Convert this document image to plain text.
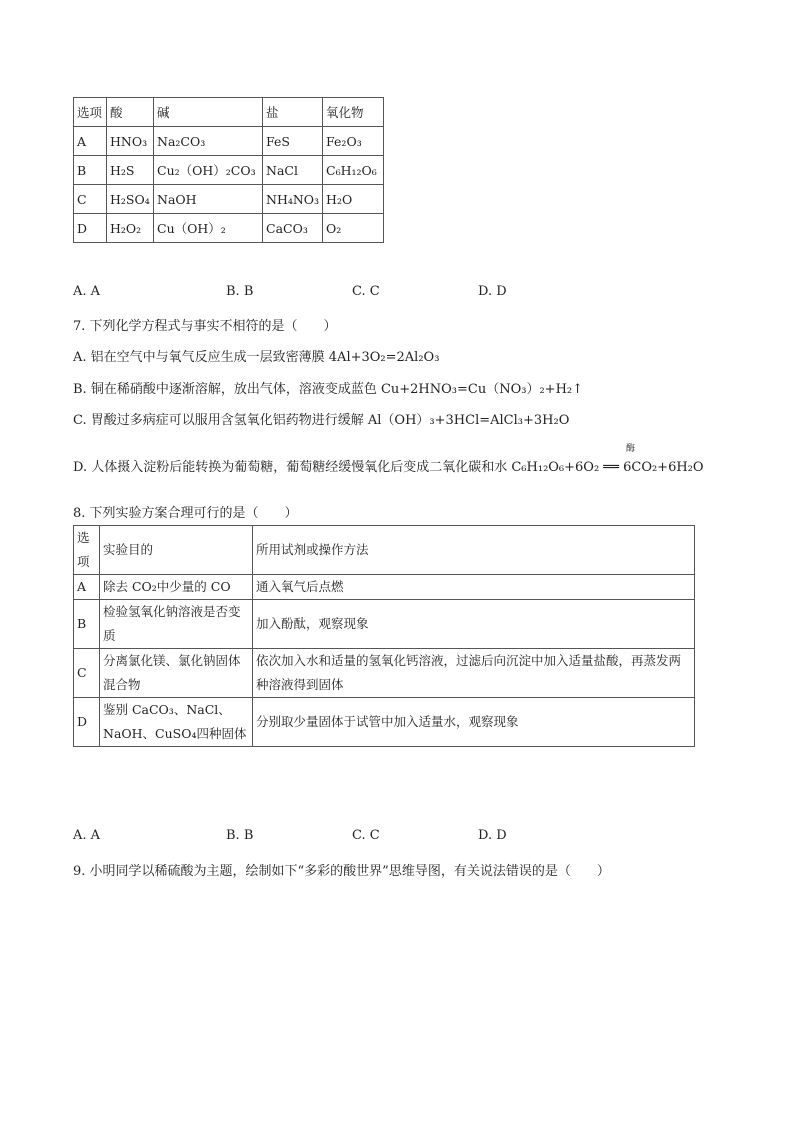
选项	酸	碱	盐	氧化物
A	HNO₃	Na₂CO₃	FeS	Fe₂O₃
B	H₂S	Cu₂（OH）₂CO₃	NaCl	C₆H₁₂O₆
C	H₂SO₄	NaOH	NH₄NO₃	H₂O
D	H₂O₂	Cu（OH）₂	CaCO₃	O₂
A. A	B. B	C. C	D. D
7. 下列化学方程式与事实不相符的是（　　）
A. 铝在空气中与氧气反应生成一层致密薄膜 4Al+3O₂=2Al₂O₃
B. 铜在稀硝酸中逐渐溶解，放出气体，溶液变成蓝色 Cu+2HNO₃=Cu（NO₃）₂+H₂↑
C. 胃酸过多病症可以服用含氢氧化铝药物进行缓解 Al（OH）₃+3HCl=AlCl₃+3H₂O
酶
D. 人体摄入淀粉后能转换为葡萄糖，葡萄糖经缓慢氧化后变成二氧化碳和水 C₆H₁₂O₆+6O₂ ══ 6CO₂+6H₂O
8. 下列实验方案合理可行的是（　　）
选项	实验目的	所用试剂或操作方法
A	除去 CO₂中少量的 CO	通入氧气后点燃
B	检验氢氧化钠溶液是否变质	加入酚酞，观察现象
C	分离氯化镁、氯化钠固体混合物	依次加入水和适量的氢氧化钙溶液，过滤后向沉淀中加入适量盐酸，再蒸发两种溶液得到固体
D	鉴别 CaCO₃、NaCl、NaOH、CuSO₄四种固体	分别取少量固体于试管中加入适量水，观察现象
A. A	B. B	C. C	D. D
9. 小明同学以稀硫酸为主题，绘制如下“多彩的酸世界”思维导图，有关说法错误的是（　　）
